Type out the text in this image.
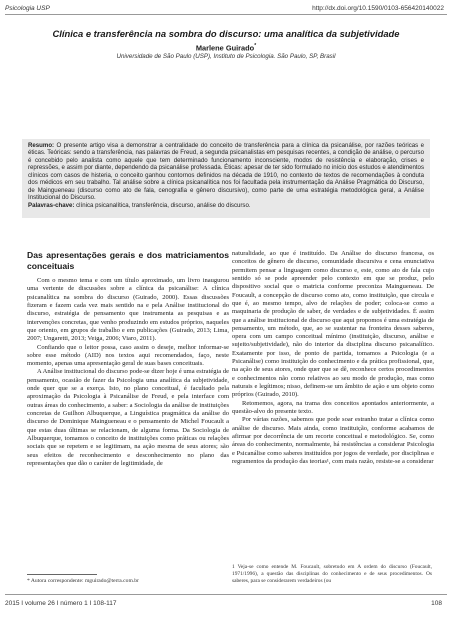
Psicologia USP	http://dx.doi.org/10.1590/0103-656420140022
Clínica e transferência na sombra do discurso: uma analítica da subjetividade
Marlene Guirado*
Universidade de São Paulo (USP), Instituto de Psicologia. São Paulo, SP, Brasil
Resumo: O presente artigo visa a demonstrar a centralidade do conceito de transferência para a clínica da psicanálise, por razões teóricas e éticas. Teóricas: sendo a transferência, nas palavras de Freud, a segunda psicanalistas em pesquisas recentes, a condição de análise, o percurso é concebido pelo analista como aquele que tem determinado funcionamento inconsciente, modos de resistência e elaboração, crises e repressões, e assim por diante, dependendo da psicanálise professada. Éticas: apesar de ter sido formulado no início dos estudos e atendimentos clínicos com casos de histeria, o conceito ganhou contornos definidos na década de 1910, no contexto de textos de recomendações à conduta dos médicos em seu trabalho. Tal análise sobre a clínica psicanalítica nos foi facultada pela instrumentação da Análise Pragmática do Discurso, de Maingueneau (discurso como ato de fala, cenografia e gênero discursivo), como parte de uma estratégia metodológica geral, a Análise Institucional do Discurso.
Palavras-chave: clínica psicanalítica, transferência, discurso, análise do discurso.
Das apresentações gerais e dos matriciamentos conceituais

Com o mesmo tema e com um título aproximado, um livro inaugurou uma vertente de discussões sobre a clínica da psicanálise: A clínica psicanalítica na sombra do discurso (Guirado, 2000). Essas discussões fizeram e fazem cada vez mais sentido na e pela Análise institucional do discurso, estratégia de pensamento que instrumenta as pesquisas e as intervenções concretas, que venho produzindo em estudos próprios, naqueles que oriento, em grupos de trabalho e em publicações (Guirado, 2013; Lima, 2007; Ungaretti, 2013; Veiga, 2006; Viaro, 2011).

Confiando que o leitor possa, caso assim o deseje, melhor informar-se sobre esse método (AID) nos textos aqui recomendados, faço, neste momento, apenas uma apresentação geral de suas bases conceituais.

A Análise institucional do discurso pode-se dizer hoje é uma estratégia de pensamento, ocasião de fazer da Psicologia uma analítica da subjetividade, onde quer que se a exerça. Isto, no plano conceitual, é facultado pela aproximação da Psicologia à Psicanálise de Freud, e pela interface com outras áreas do conhecimento, a saber: a Sociologia da análise de instituições concretas de Guilhon Albuquerque, a Linguística pragmática da análise do discurso de Dominique Maingueneau e o pensamento de Michel Foucault a que estas duas últimas se relacionam, de alguma forma. Da Sociologia de Albuquerque, tomamos o conceito de instituições como práticas ou relações sociais que se repetem e se legitimam, na ação mesma de seus atores; são seus efeitos de reconhecimento e desconhecimento no plano das representações que dão o caráter de legitimidade, de

naturalidade, ao que é instituído. Da Análise do discurso francesa, os conceitos de gênero de discurso, comunidade discursiva e cena enunciativa permitem pensar a linguagem como discurso e, este, como ato de fala cujo sentido só se pode apreender pelo contexto em que se produz, pelo dispositivo social que o matricia conforme preconiza Maingueneau. De Foucault, a concepção de discurso como ato, como instituição, que circula e que é, ao mesmo tempo, alvo de relações de poder; coloca-se como a maquinaria de produção de saber, de verdades e de subjetividades. É assim que a análise institucional de discurso que aqui propomos é uma estratégia de pensamento, um método, que, ao se sustentar na fronteira desses saberes, opera com um campo conceitual mínimo (instituição, discurso, análise e sujeito/subjetividade), não do interior da disciplina discurso psicanalítico. Exatamente por isso, de ponto de partida, tomamos a Psicologia (e a Psicanálise) como instituição do conhecimento e da prática profissional, que, na ação de seus atores, onde quer que se dê, reconhece certos procedimentos e conhecimentos não como relativos ao seu modo de produção, mas como naturais e legítimos; nisso, definem-se um âmbito de ação e um objeto como próprios (Guirado, 2010).

Retomemos, agora, na trama dos conceitos apontados anteriormente, a questão-alvo do presente texto.

Por várias razões, sabemos que pode soar estranho tratar a clínica como análise de discurso. Mais ainda, como instituição, conforme acabamos de afirmar por decorrência de um recorte conceitual e metodológico. Se, como áreas do conhecimento, normalmente, há resistências a considerar Psicologia e Psicanálise como saberes instituídos por jogos de verdade, por disciplinas e regramentos da produção das teorias¹, com mais razão, resiste-se a considerar

* Autora correspondente: mguirado@terra.com.br
1 Veja-se como entende M. Foucault, sobretudo em A ordem do discurso (Foucault, 1971/1996), a questão das disciplinas do conhecimento e de seus procedimentos. Os saberes, para se considerarem verdadeiros (ou
2015 I volume 26 I número 1 I 108-117	108
